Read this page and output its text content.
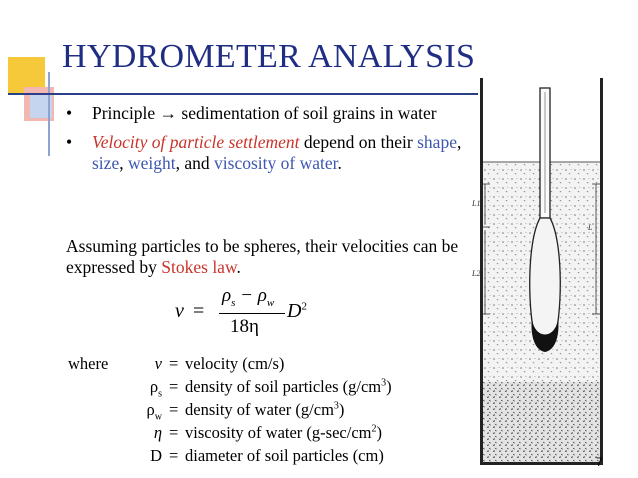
HYDROMETER ANALYSIS
• Principle → sedimentation of soil grains in water
• Velocity of particle settlement depend on their shape, size, weight, and viscosity of water.

Assuming particles to be spheres, their velocities can be expressed by Stokes law.

v =
$\rho_s - \rho_w$
18η
$D^2$
where	v = velocity (cm/s)
$\rho_s$ = density of soil particles $(g/cm^3)$
$\rho_w$ = density of water $(g/cm^3)$
η = viscosity of water $(g-\sec/cm^2)$
D = diameter of soil particles (cm)
L1
L2
L
7
